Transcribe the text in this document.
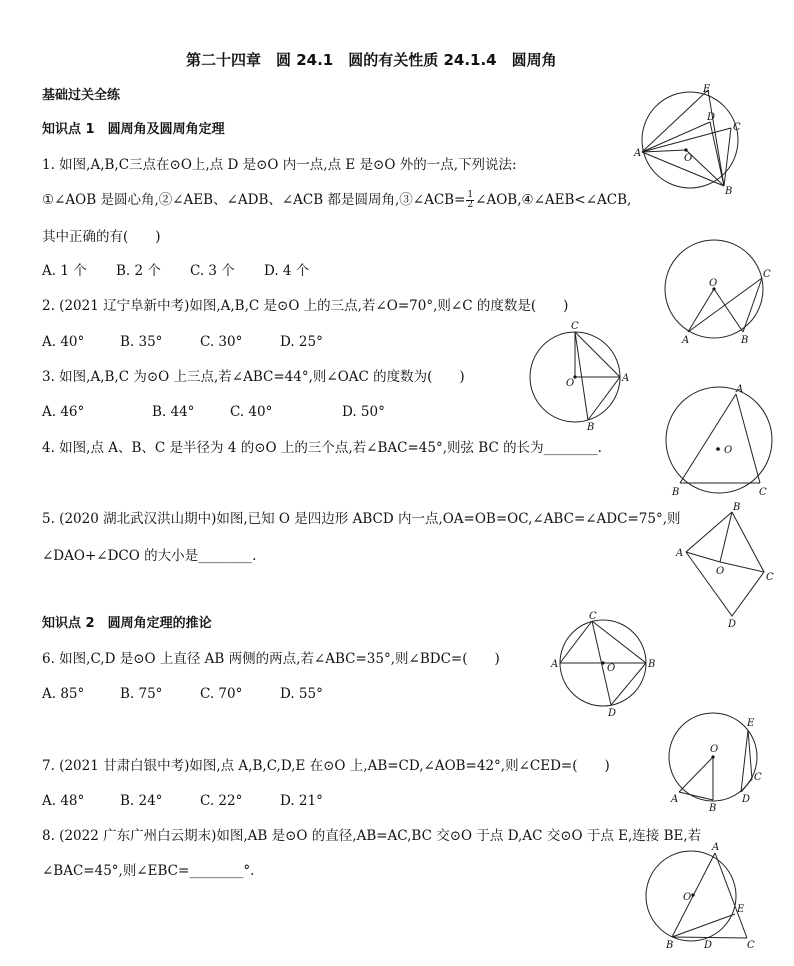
第二十四章　圆 24.1　圆的有关性质 24.1.4　圆周角
基础过关全练
知识点 1　圆周角及圆周角定理
1. 如图,A,B,C三点在⊙O上,点 D 是⊙O 内一点,点 E 是⊙O 外的一点,下列说法:
①∠AOB 是圆心角,②∠AEB、∠ADB、∠ACB 都是圆周角,③∠ACB= $\frac{1}{2}$ ∠AOB,④∠AEB<∠ACB,
其中正确的有(　　)
A. 1 个 B. 2 个 C. 3 个 D. 4 个
2. (2021 辽宁阜新中考)如图,A,B,C 是⊙O 上的三点,若∠O=70°,则∠C 的度数是(　　)
A. 40°	B. 35°	C. 30°	D. 25°
3. 如图,A,B,C 为⊙O 上三点,若∠ABC=44°,则∠OAC 的度数为(　　)
A. 46°	B. 44°	C. 40°	D. 50°
4. 如图,点 A、B、C 是半径为 4 的⊙O 上的三个点,若∠BAC=45°,则弦 BC 的长为________.
5. (2020 湖北武汉洪山期中)如图,已知 O 是四边形 ABCD 内一点,OA=OB=OC,∠ABC=∠ADC=75°,则
∠DAO+∠DCO 的大小是________.
知识点 2　圆周角定理的推论
6. 如图,C,D 是⊙O 上直径 AB 两侧的两点,若∠ABC=35°,则∠BDC=(　　)
A. 85°	B. 75°	C. 70°	D. 55°
7. (2021 甘肃白银中考)如图,点 A,B,C,D,E 在⊙O 上,AB=CD,∠AOB=42°,则∠CED=(　　)
A. 48°	B. 24°	C. 22°	D. 21°
8. (2022 广东广州白云期末)如图,AB 是⊙O 的直径,AB=AC,BC 交⊙O 于点 D,AC 交⊙O 于点 E,连接 BE,若
∠BAC=45°,则∠EBC=________°.
E
D
C
A	O
B
O
C
A	B
C
O	A
B
A
O
B	C
B
A
O
C
D
C
A	O	B
D
E
O
C
D
A
B
A
O
E
B	D	C
